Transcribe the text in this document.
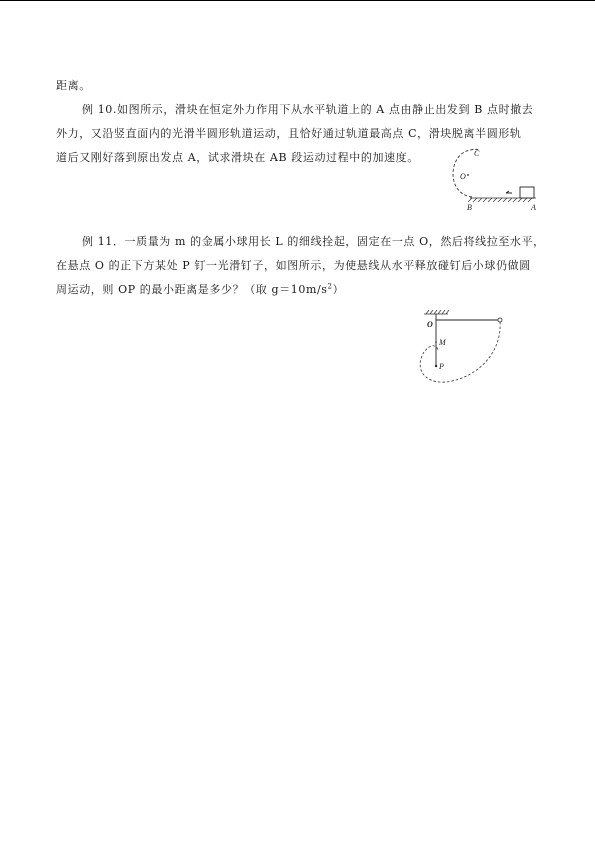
距离。
例 10.如图所示，滑块在恒定外力作用下从水平轨道上的 A 点由静止出发到 B 点时撤去
外力，又沿竖直面内的光滑半圆形轨道运动，且恰好通过轨道最高点 C，滑块脱离半圆形轨
道后又刚好落到原出发点 A，试求滑块在 AB 段运动过程中的加速度。	C
O
B	A
例 11．一质量为 m 的金属小球用长 L 的细线拴起，固定在一点 O，然后将线拉至水平，
在悬点 O 的正下方某处 P 钉一光滑钉子，如图所示，为使悬线从水平释放碰钉后小球仍做圆
周运动，则 OP 的最小距离是多少？（取 $g=10m/s^2$）
O
M
P
